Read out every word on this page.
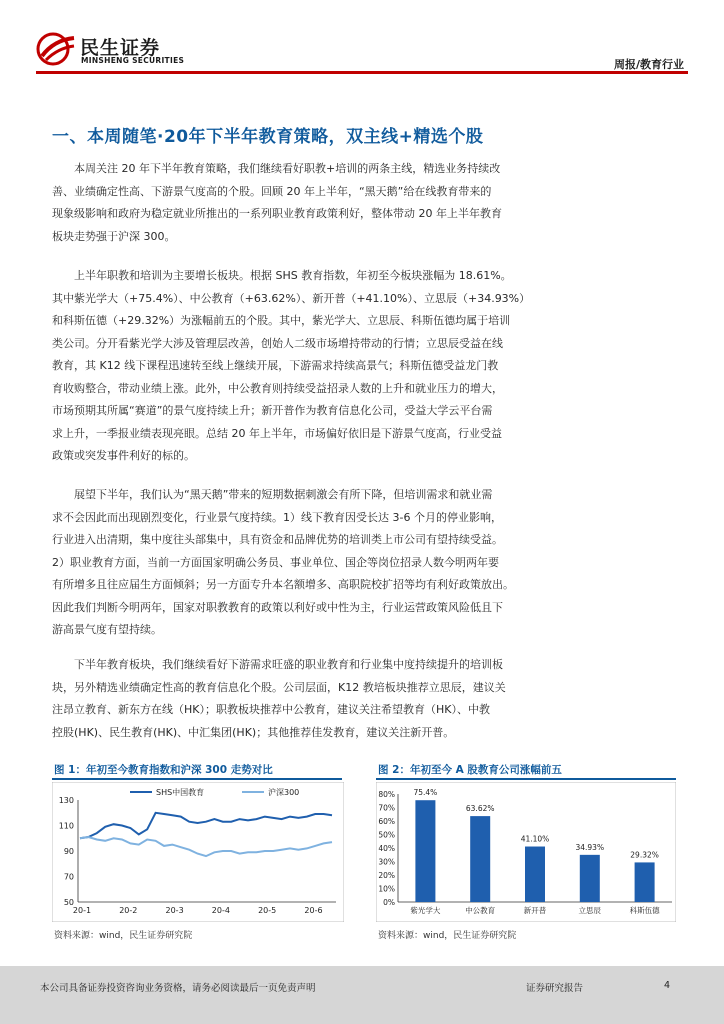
民生证券
MINSHENG SECURITIES	周报/教育行业
一、本周随笔·20年下半年教育策略，双主线+精选个股
本周关注 20 年下半年教育策略，我们继续看好职教+培训的两条主线，精选业务持续改
善、业绩确定性高、下游景气度高的个股。回顾 20 年上半年，“黑天鹅”给在线教育带来的
现象级影响和政府为稳定就业所推出的一系列职业教育政策利好，整体带动 20 年上半年教育
板块走势强于沪深 300。
上半年职教和培训为主要增长板块。根据 SHS 教育指数，年初至今板块涨幅为 18.61%。
其中紫光学大（+75.4%）、中公教育（+63.62%）、新开普（+41.10%）、立思辰（+34.93%）
和科斯伍德（+29.32%）为涨幅前五的个股。其中，紫光学大、立思辰、科斯伍德均属于培训
类公司。分开看紫光学大涉及管理层改善，创始人二级市场增持带动的行情；立思辰受益在线
教育，其 K12 线下课程迅速转至线上继续开展，下游需求持续高景气；科斯伍德受益龙门教
育收购整合，带动业绩上涨。此外，中公教育则持续受益招录人数的上升和就业压力的增大，
市场预期其所属“赛道”的景气度持续上升；新开普作为教育信息化公司，受益大学云平台需
求上升，一季报业绩表现亮眼。总结 20 年上半年，市场偏好依旧是下游景气度高，行业受益
政策或突发事件利好的标的。
展望下半年，我们认为“黑天鹅”带来的短期数据刺激会有所下降，但培训需求和就业需
求不会因此而出现剧烈变化，行业景气度持续。1）线下教育因受长达 3-6 个月的停业影响，
行业进入出清期，集中度往头部集中，具有资金和品牌优势的培训类上市公司有望持续受益。
2）职业教育方面，当前一方面国家明确公务员、事业单位、国企等岗位招录人数今明两年要
有所增多且往应届生方面倾斜；另一方面专升本名额增多、高职院校扩招等均有利好政策放出。
因此我们判断今明两年，国家对职教教育的政策以利好或中性为主，行业运营政策风险低且下
游高景气度有望持续。
下半年教育板块，我们继续看好下游需求旺盛的职业教育和行业集中度持续提升的培训板
块，另外精选业绩确定性高的教育信息化个股。公司层面，K12 教培板块推荐立思辰，建议关
注昂立教育、新东方在线（HK）；职教板块推荐中公教育，建议关注希望教育（HK）、中教
控股(HK)、民生教育(HK)、中汇集团(HK)；其他推荐佳发教育，建议关注新开普。
图 1：年初至今教育指数和沪深 300 走势对比
50
70
90
110
130
20-1	20-2	20-3	20-4	20-5	20-6
SHS中国教育	沪深300
资料来源：wind，民生证券研究院
图 2：年初至今 A 股教育公司涨幅前五
0%
10%
20%
30%
40%
50%
60%
70%
80% 75.4%
紫光学大
63.62%
中公教育
41.10%
新开普
34.93%
立思辰
29.32%
科斯伍德
资料来源：wind，民生证券研究院
本公司具备证券投资咨询业务资格，请务必阅读最后一页免责声明	证券研究报告	4
